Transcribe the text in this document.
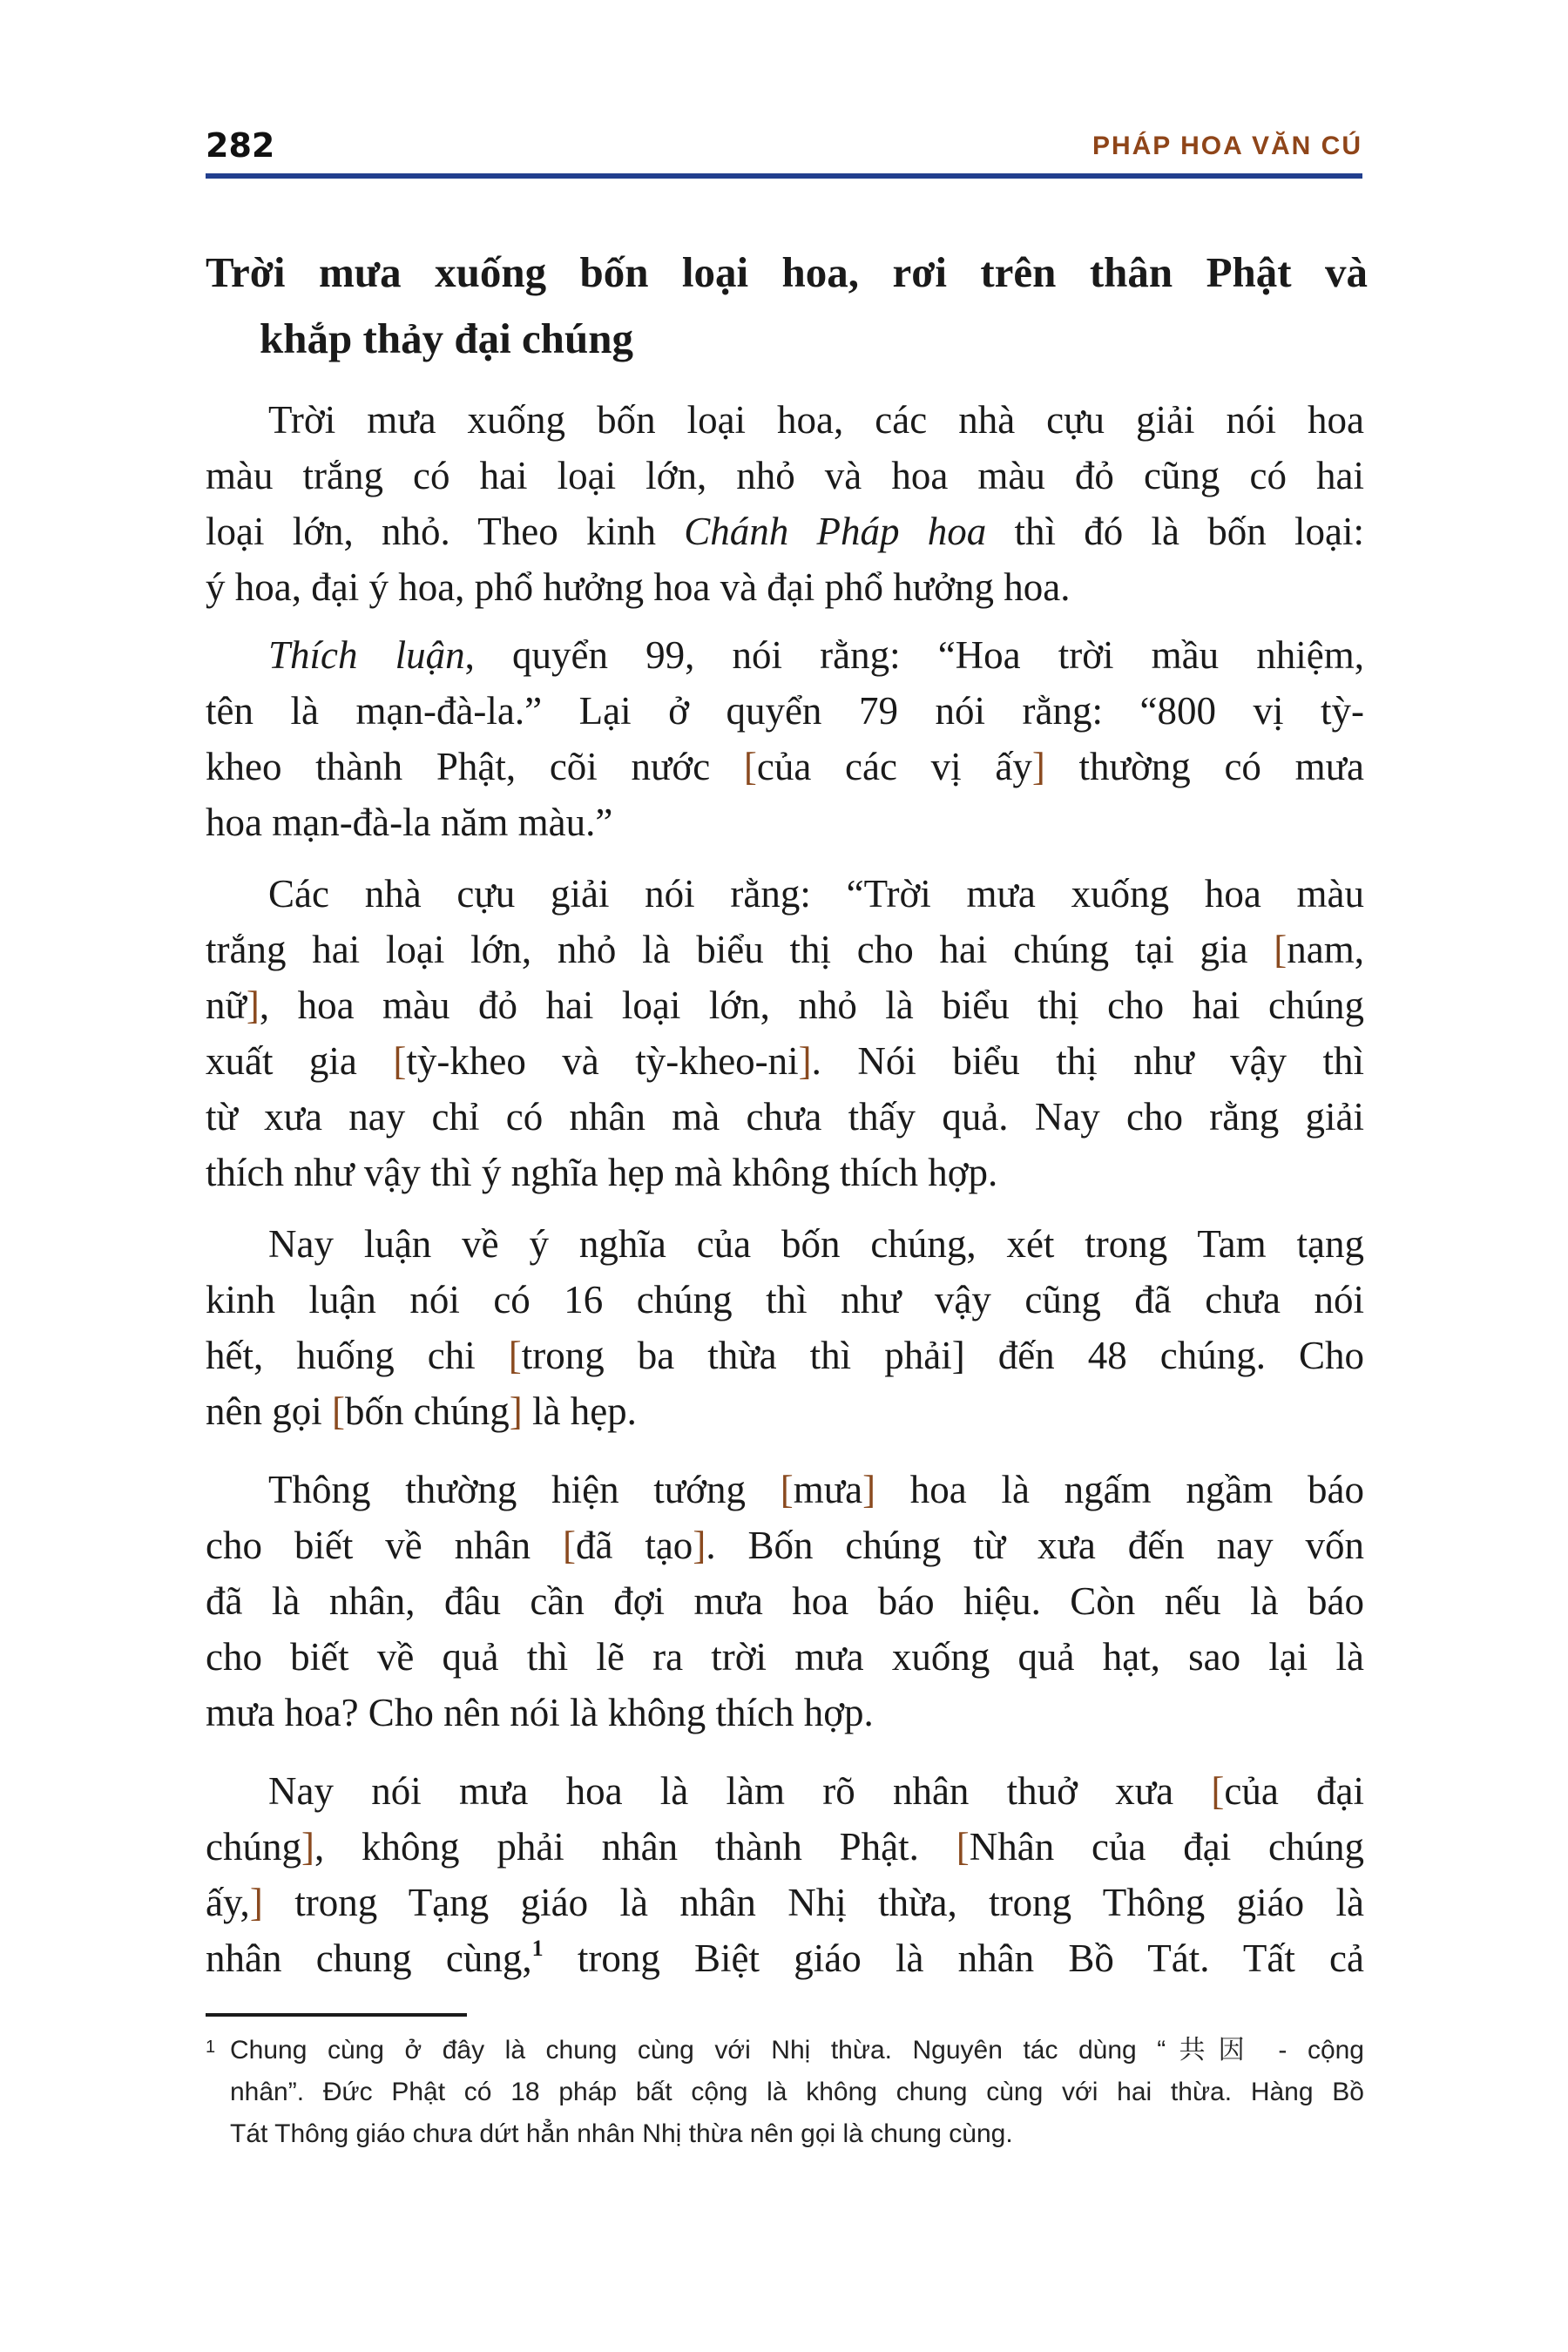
282	PHÁP HOA VĂN CÚ
Trời mưa xuống bốn loại hoa, rơi trên thân Phật và
khắp thảy đại chúng
Trời mưa xuống bốn loại hoa, các nhà cựu giải nói hoa
màu trắng có hai loại lớn, nhỏ và hoa màu đỏ cũng có hai
loại lớn, nhỏ. Theo kinh Chánh Pháp hoa thì đó là bốn loại:
ý hoa, đại ý hoa, phổ hưởng hoa và đại phổ hưởng hoa.
Thích luận, quyển 99, nói rằng: “Hoa trời mầu nhiệm,
tên là mạn-đà-la.” Lại ở quyển 79 nói rằng: “800 vị tỳ-
kheo thành Phật, cõi nước [của các vị ấy] thường có mưa
hoa mạn-đà-la năm màu.”
Các nhà cựu giải nói rằng: “Trời mưa xuống hoa màu
trắng hai loại lớn, nhỏ là biểu thị cho hai chúng tại gia [nam,
nữ], hoa màu đỏ hai loại lớn, nhỏ là biểu thị cho hai chúng
xuất gia [tỳ-kheo và tỳ-kheo-ni]. Nói biểu thị như vậy thì
từ xưa nay chỉ có nhân mà chưa thấy quả. Nay cho rằng giải
thích như vậy thì ý nghĩa hẹp mà không thích hợp.
Nay luận về ý nghĩa của bốn chúng, xét trong Tam tạng
kinh luận nói có 16 chúng thì như vậy cũng đã chưa nói
hết, huống chi [trong ba thừa thì phải] đến 48 chúng. Cho
nên gọi [bốn chúng] là hẹp.
Thông thường hiện tướng [mưa] hoa là ngấm ngầm báo
cho biết về nhân [đã tạo]. Bốn chúng từ xưa đến nay vốn
đã là nhân, đâu cần đợi mưa hoa báo hiệu. Còn nếu là báo
cho biết về quả thì lẽ ra trời mưa xuống quả hạt, sao lại là
mưa hoa? Cho nên nói là không thích hợp.
Nay nói mưa hoa là làm rõ nhân thuở xưa [của đại
chúng], không phải nhân thành Phật. [Nhân của đại chúng
ấy,] trong Tạng giáo là nhân Nhị thừa, trong Thông giáo là
nhân chung cùng,$^1$ trong Biệt giáo là nhân Bồ Tát. Tất cả
1 Chung cùng ở đây là chung cùng với Nhị thừa. Nguyên tác dùng “共因 - cộng
nhân”. Đức Phật có 18 pháp bất cộng là không chung cùng với hai thừa. Hàng Bồ
Tát Thông giáo chưa dứt hẳn nhân Nhị thừa nên gọi là chung cùng.
